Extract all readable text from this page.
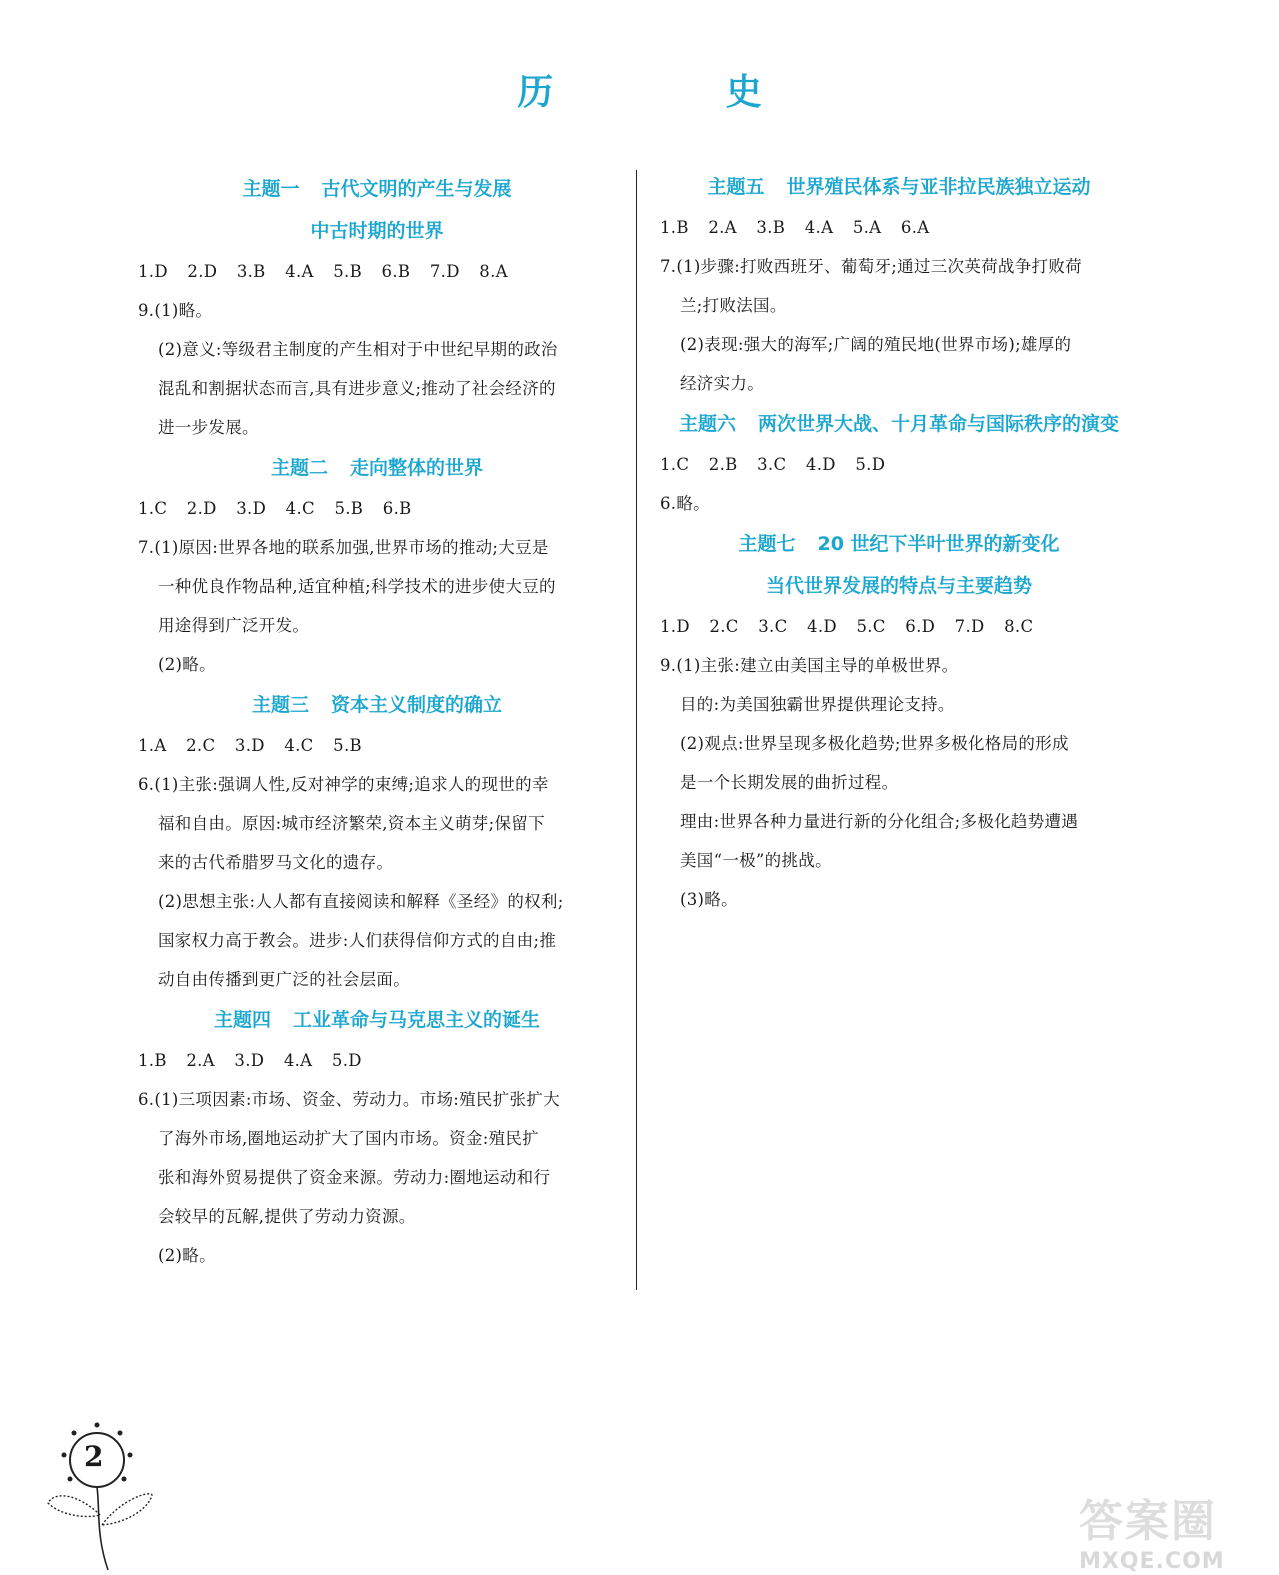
历 史
主题一 古代文明的产生与发展
中古时期的世界
1.D 2.D 3.B 4.A 5.B 6.B 7.D 8.A
9.(1)略。
(2)意义:等级君主制度的产生相对于中世纪早期的政治
混乱和割据状态而言,具有进步意义;推动了社会经济的
进一步发展。
主题二 走向整体的世界
1.C 2.D 3.D 4.C 5.B 6.B
7.(1)原因:世界各地的联系加强,世界市场的推动;大豆是
一种优良作物品种,适宜种植;科学技术的进步使大豆的
用途得到广泛开发。
(2)略。
主题三 资本主义制度的确立
1.A 2.C 3.D 4.C 5.B
6.(1)主张:强调人性,反对神学的束缚;追求人的现世的幸
福和自由。原因:城市经济繁荣,资本主义萌芽;保留下
来的古代希腊罗马文化的遗存。
(2)思想主张:人人都有直接阅读和解释《圣经》的权利;
国家权力高于教会。进步:人们获得信仰方式的自由;推
动自由传播到更广泛的社会层面。
主题四 工业革命与马克思主义的诞生
1.B 2.A 3.D 4.A 5.D
6.(1)三项因素:市场、资金、劳动力。市场:殖民扩张扩大
了海外市场,圈地运动扩大了国内市场。资金:殖民扩
张和海外贸易提供了资金来源。劳动力:圈地运动和行
会较早的瓦解,提供了劳动力资源。
(2)略。
主题五 世界殖民体系与亚非拉民族独立运动
1.B 2.A 3.B 4.A 5.A 6.A
7.(1)步骤:打败西班牙、葡萄牙;通过三次英荷战争打败荷
兰;打败法国。
(2)表现:强大的海军;广阔的殖民地(世界市场);雄厚的
经济实力。
主题六 两次世界大战、十月革命与国际秩序的演变
1.C 2.B 3.C 4.D 5.D
6.略。
主题七 20 世纪下半叶世界的新变化
当代世界发展的特点与主要趋势
1.D 2.C 3.C 4.D 5.C 6.D 7.D 8.C
9.(1)主张:建立由美国主导的单极世界。
目的:为美国独霸世界提供理论支持。
(2)观点:世界呈现多极化趋势;世界多极化格局的形成
是一个长期发展的曲折过程。
理由:世界各种力量进行新的分化组合;多极化趋势遭遇
美国“一极”的挑战。
(3)略。
2
答案圈
MXQE.COM
